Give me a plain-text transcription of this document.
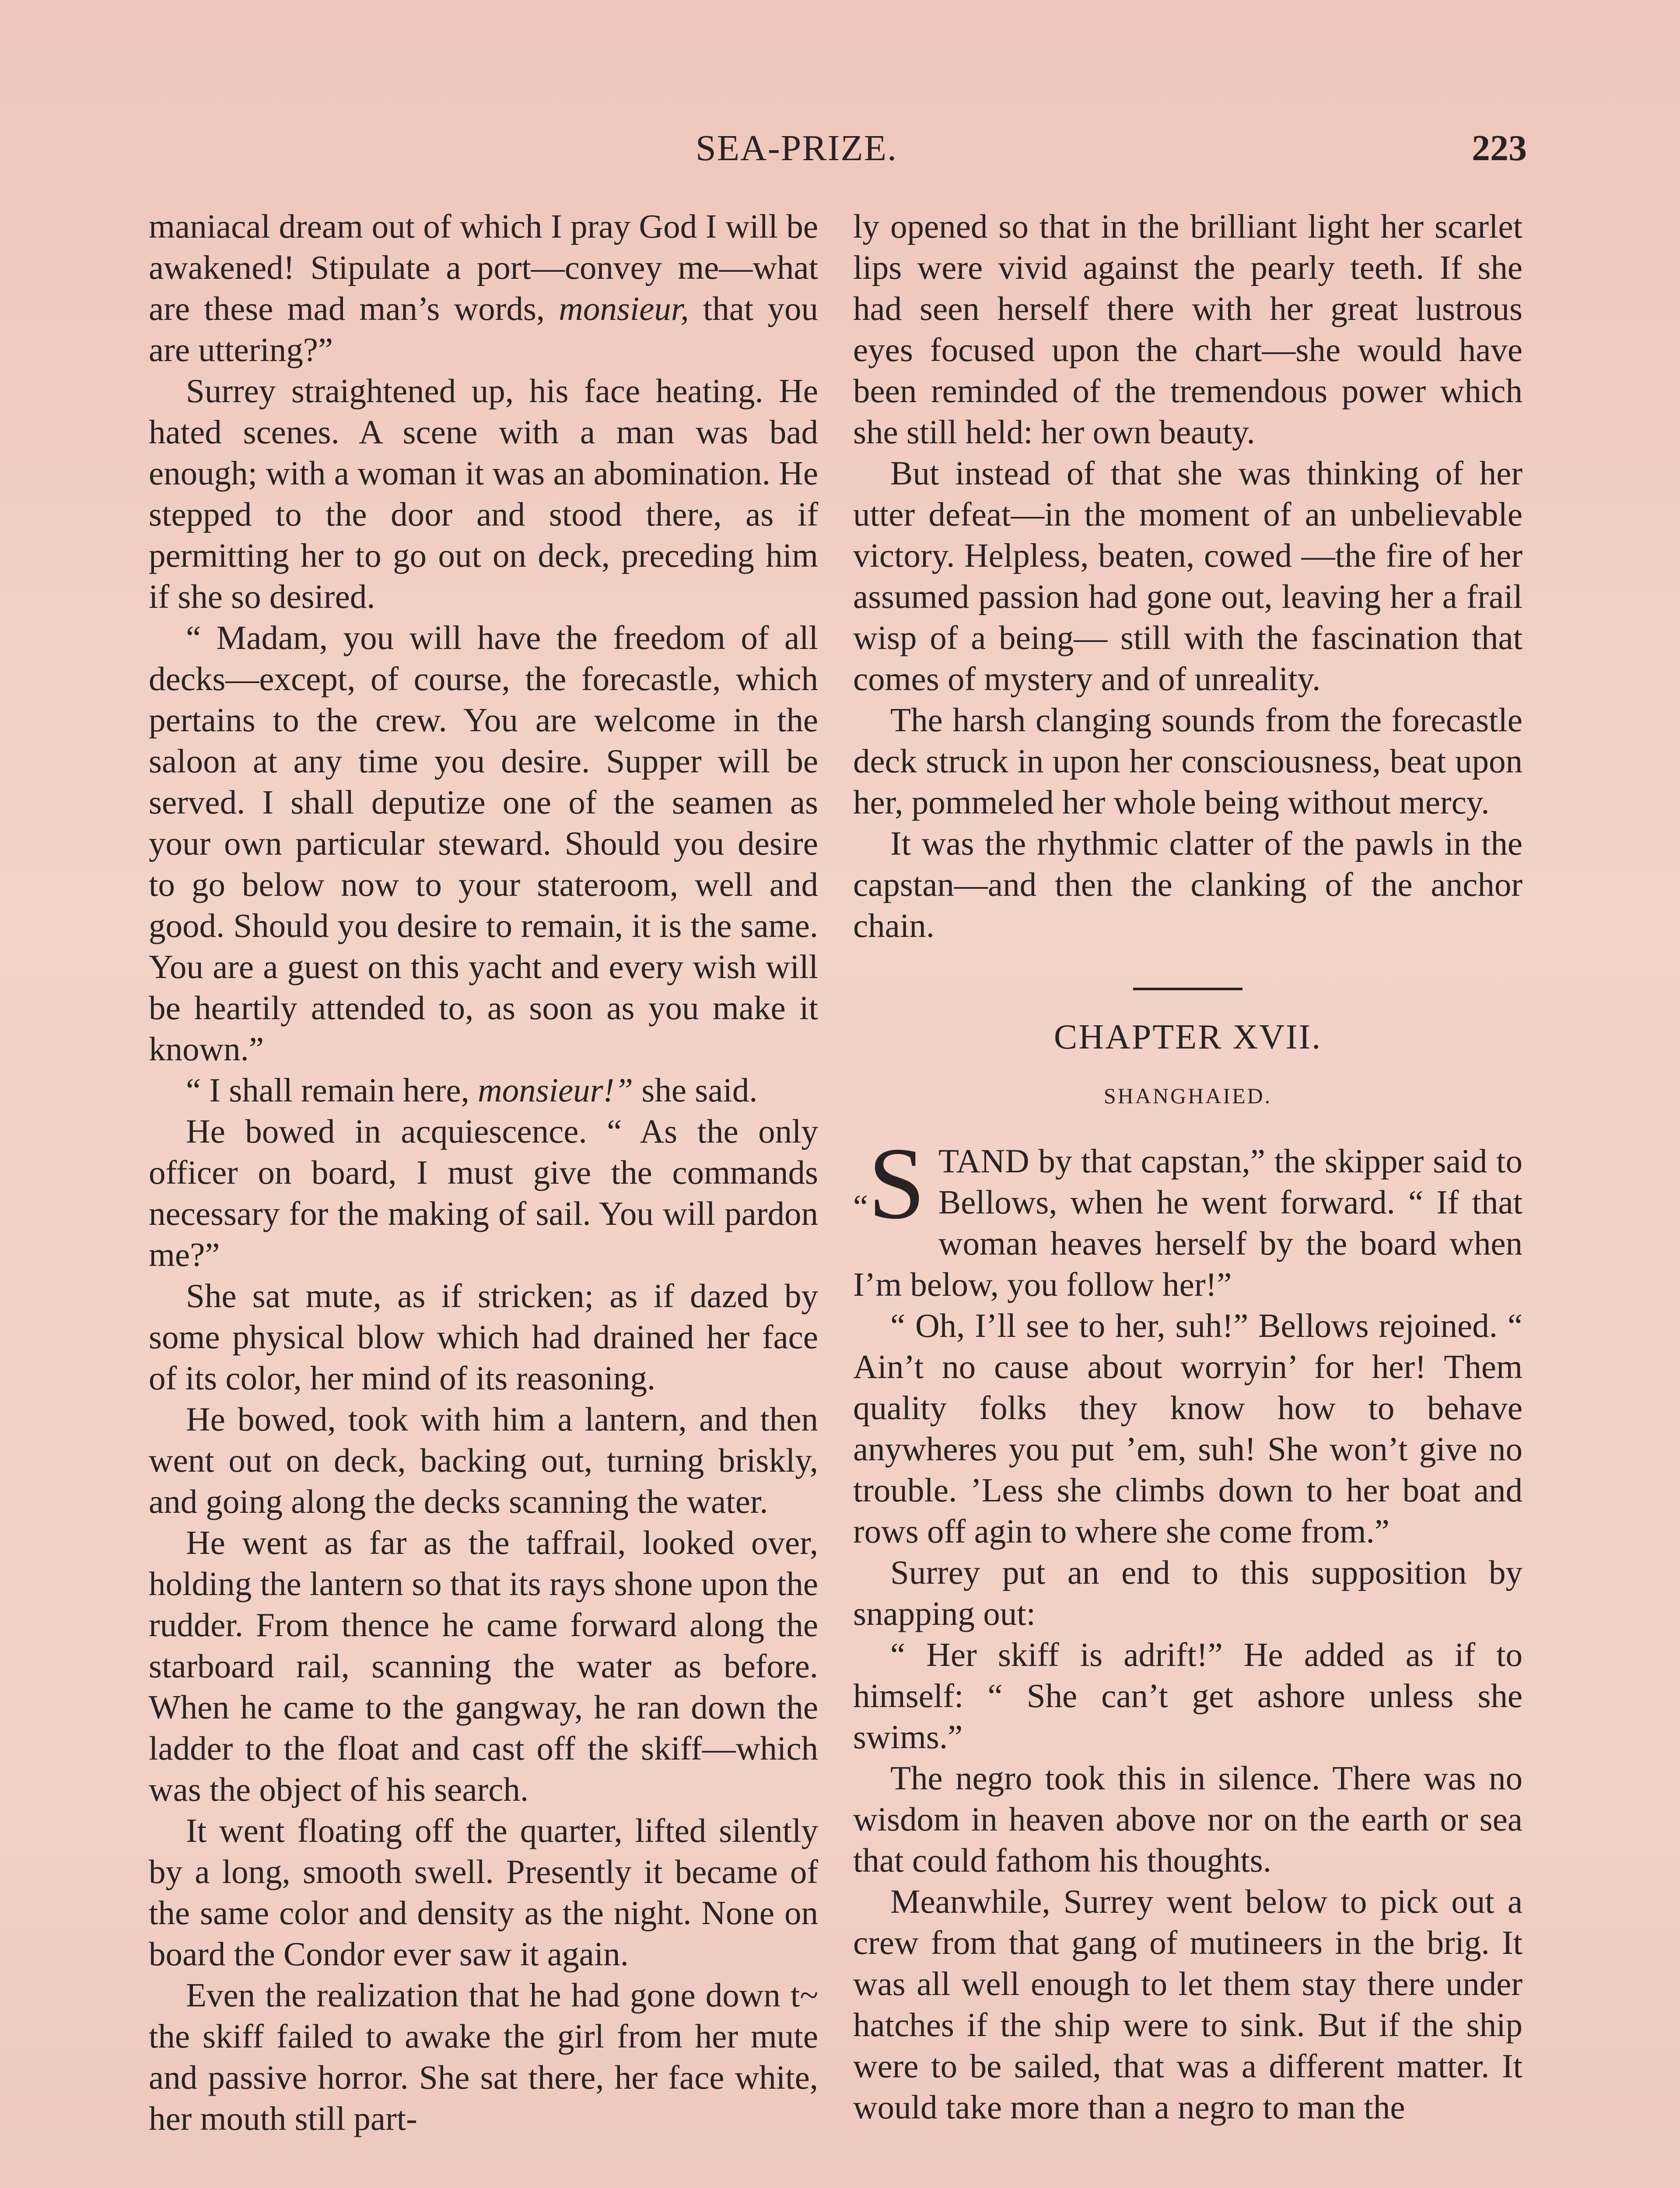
SEA-PRIZE.	223

maniacal dream out of which I pray God I will be awakened! Stipulate a port—convey me—what are these mad man’s words, monsieur, that you are uttering?”

Surrey straightened up, his face heating. He hated scenes. A scene with a man was bad enough; with a woman it was an abomination. He stepped to the door and stood there, as if permitting her to go out on deck, preceding him if she so desired.

“ Madam, you will have the freedom of all decks—except, of course, the forecastle, which pertains to the crew. You are welcome in the saloon at any time you desire. Supper will be served. I shall deputize one of the seamen as your own particular steward. Should you desire to go below now to your stateroom, well and good. Should you desire to remain, it is the same. You are a guest on this yacht and every wish will be heartily attended to, as soon as you make it known.”

“ I shall remain here, monsieur!” she said.

He bowed in acquiescence. “ As the only officer on board, I must give the commands necessary for the making of sail. You will pardon me?”

She sat mute, as if stricken; as if dazed by some physical blow which had drained her face of its color, her mind of its reasoning.

He bowed, took with him a lantern, and then went out on deck, backing out, turning briskly, and going along the decks scanning the water.

He went as far as the taffrail, looked over, holding the lantern so that its rays shone upon the rudder. From thence he came forward along the starboard rail, scanning the water as before. When he came to the gangway, he ran down the ladder to the float and cast off the skiff—which was the object of his search.

It went floating off the quarter, lifted silently by a long, smooth swell. Presently it became of the same color and density as the night. None on board the Condor ever saw it again.

Even the realization that he had gone down t~ the skiff failed to awake the girl from her mute and passive horror. She sat there, her face white, her mouth still part-

ly opened so that in the brilliant light her scarlet lips were vivid against the pearly teeth. If she had seen herself there with her great lustrous eyes focused upon the chart—she would have been reminded of the tremendous power which she still held: her own beauty.

But instead of that she was thinking of her utter defeat—in the moment of an unbelievable victory. Helpless, beaten, cowed —the fire of her assumed passion had gone out, leaving her a frail wisp of a being— still with the fascination that comes of mystery and of unreality.

The harsh clanging sounds from the forecastle deck struck in upon her consciousness, beat upon her, pommeled her whole being without mercy.

It was the rhythmic clatter of the pawls in the capstan—and then the clanking of the anchor chain.

CHAPTER XVII.
SHANGHAIED.

“S TAND by that capstan,” the skipper said to Bellows, when he went forward. “ If that woman heaves herself by the board when I’m below, you follow her!”

“ Oh, I’ll see to her, suh!” Bellows rejoined. “ Ain’t no cause about worryin’ for her! Them quality folks they know how to behave anywheres you put ’em, suh! She won’t give no trouble. ’Less she climbs down to her boat and rows off agin to where she come from.”

Surrey put an end to this supposition by snapping out:

“ Her skiff is adrift!” He added as if to himself: “ She can’t get ashore unless she swims.”

The negro took this in silence. There was no wisdom in heaven above nor on the earth or sea that could fathom his thoughts.

Meanwhile, Surrey went below to pick out a crew from that gang of mutineers in the brig. It was all well enough to let them stay there under hatches if the ship were to sink. But if the ship were to be sailed, that was a different matter. It would take more than a negro to man the
